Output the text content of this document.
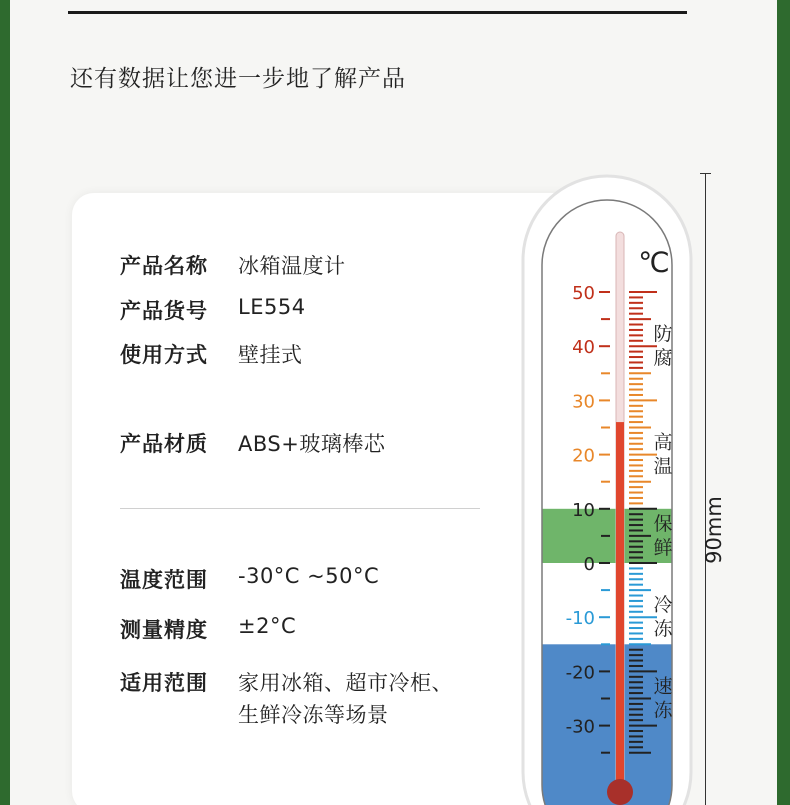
还有数据让您进一步地了解产品
产品名称 冰箱温度计
产品货号 LE554
使用方式 壁挂式
产品材质 ABS+玻璃棒芯
温度范围 -30°C ~50°C
测量精度 ±2°C
适用范围 家用冰箱、超市冷柜、
生鲜冷冻等场景
50
40
30
20
10
0
-10
-20
-30
防
腐
高
温
保
鲜
冷
冻
速
冻
℃
90mm
